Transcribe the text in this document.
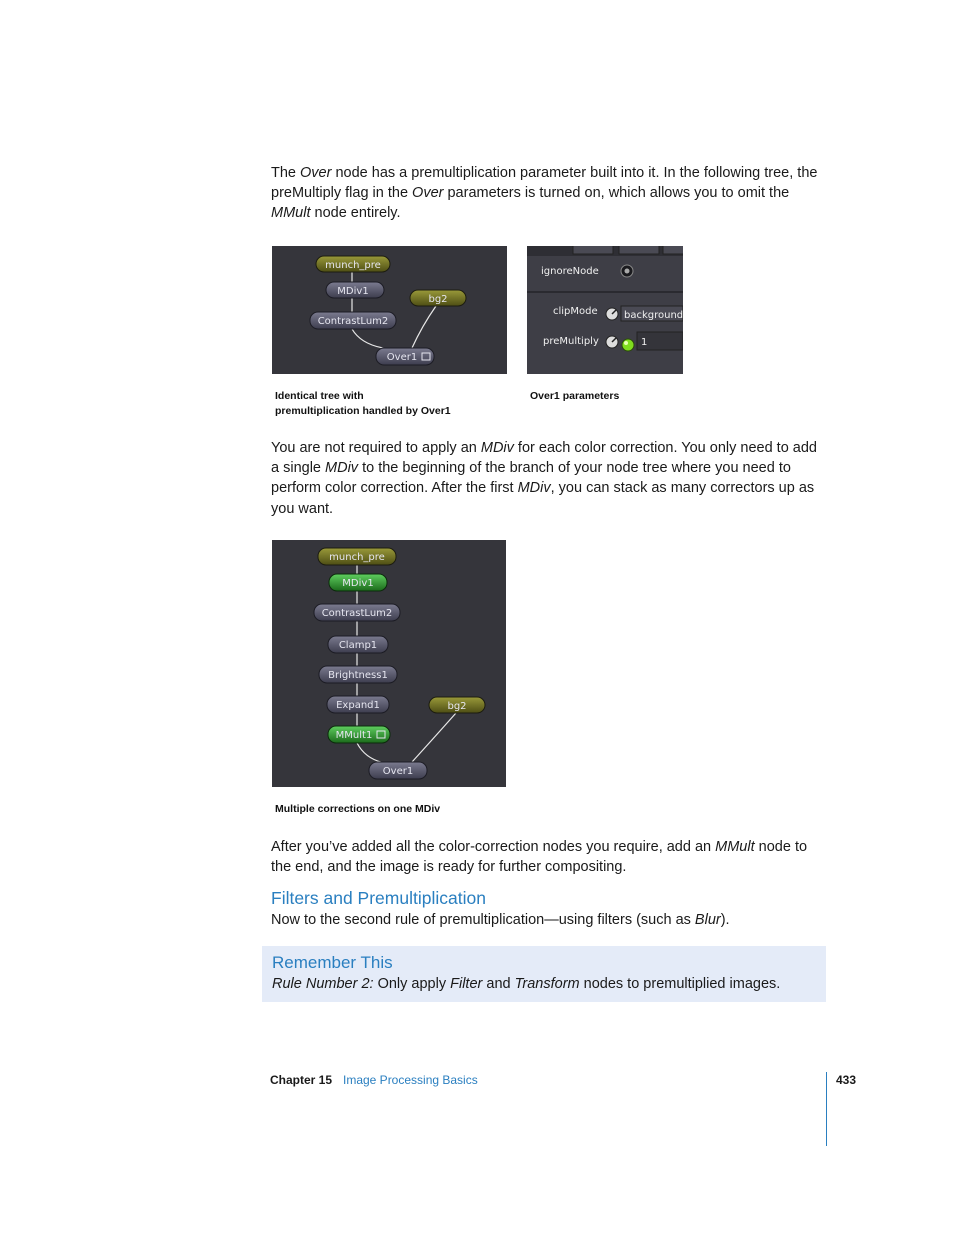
The Over node has a premultiplication parameter built into it. In the following tree, the preMultiply flag in the Over parameters is turned on, which allows you to omit the MMult node entirely.

munch_pre
MDiv1
bg2
ContrastLum2
Over1
Identical tree with
premultiplication handled by Over1
ignoreNode
clipMode	background
preMultiply	1
Over1 parameters

You are not required to apply an MDiv for each color correction. You only need to add a single MDiv to the beginning of the branch of your node tree where you need to perform color correction. After the first MDiv, you can stack as many correctors up as you want.

munch_pre
MDiv1
ContrastLum2
Clamp1
Brightness1
Expand1	bg2
MMult1
Over1
Multiple corrections on one MDiv

After you’ve added all the color-correction nodes you require, add an MMult node to the end, and the image is ready for further compositing.

Filters and Premultiplication

Now to the second rule of premultiplication—using filters (such as Blur).

Remember This
Rule Number 2: Only apply Filter and Transform nodes to premultiplied images.
Chapter 15 Image Processing Basics	433
